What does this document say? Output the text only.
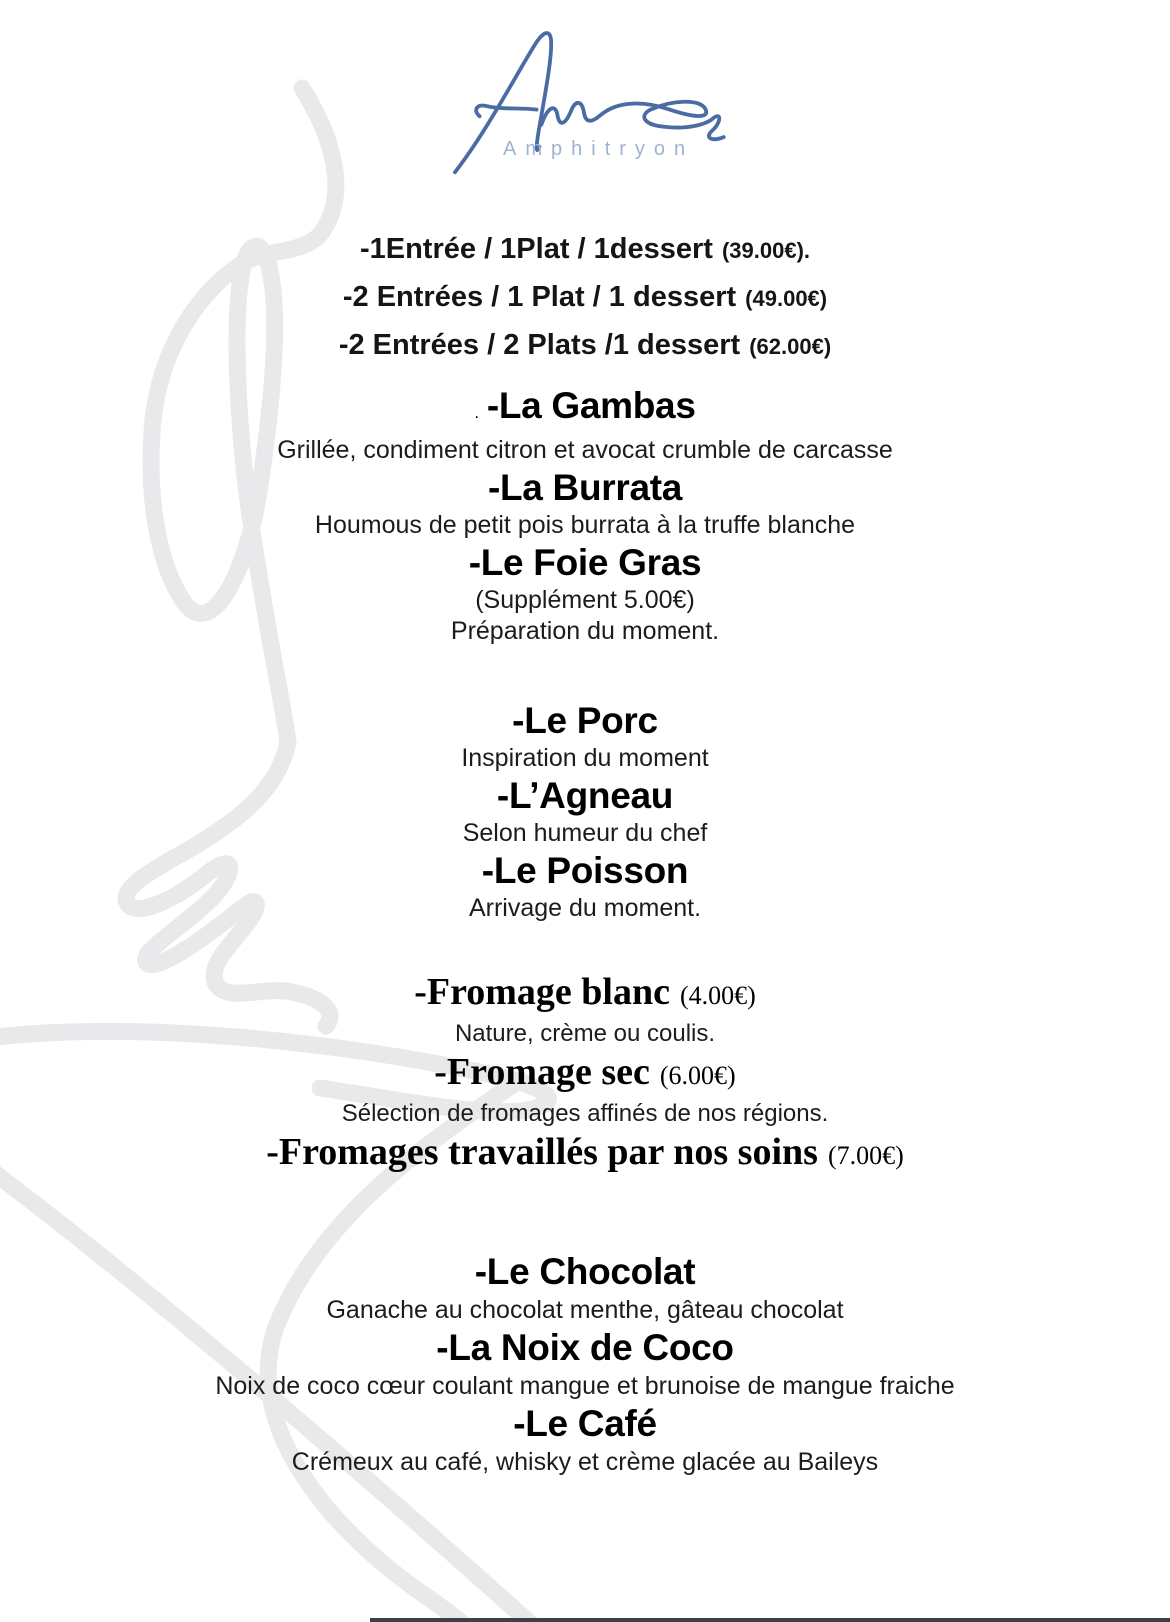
Amphitryon
-1Entrée / 1Plat / 1dessert (39.00€).
-2 Entrées / 1 Plat / 1 dessert (49.00€)
-2 Entrées / 2 Plats /1 dessert (62.00€)
. -La Gambas
Grillée, condiment citron et avocat crumble de carcasse
-La Burrata
Houmous de petit pois burrata à la truffe blanche
-Le Foie Gras
(Supplément 5.00€)
Préparation du moment.
-Le Porc
Inspiration du moment
-L’Agneau
Selon humeur du chef
-Le Poisson
Arrivage du moment.
-Fromage blanc (4.00€)
Nature, crème ou coulis.
-Fromage sec (6.00€)
Sélection de fromages affinés de nos régions.
-Fromages travaillés par nos soins (7.00€)
-Le Chocolat
Ganache au chocolat menthe, gâteau chocolat
-La Noix de Coco
Noix de coco cœur coulant mangue et brunoise de mangue fraiche
-Le Café
Crémeux au café, whisky et crème glacée au Baileys
